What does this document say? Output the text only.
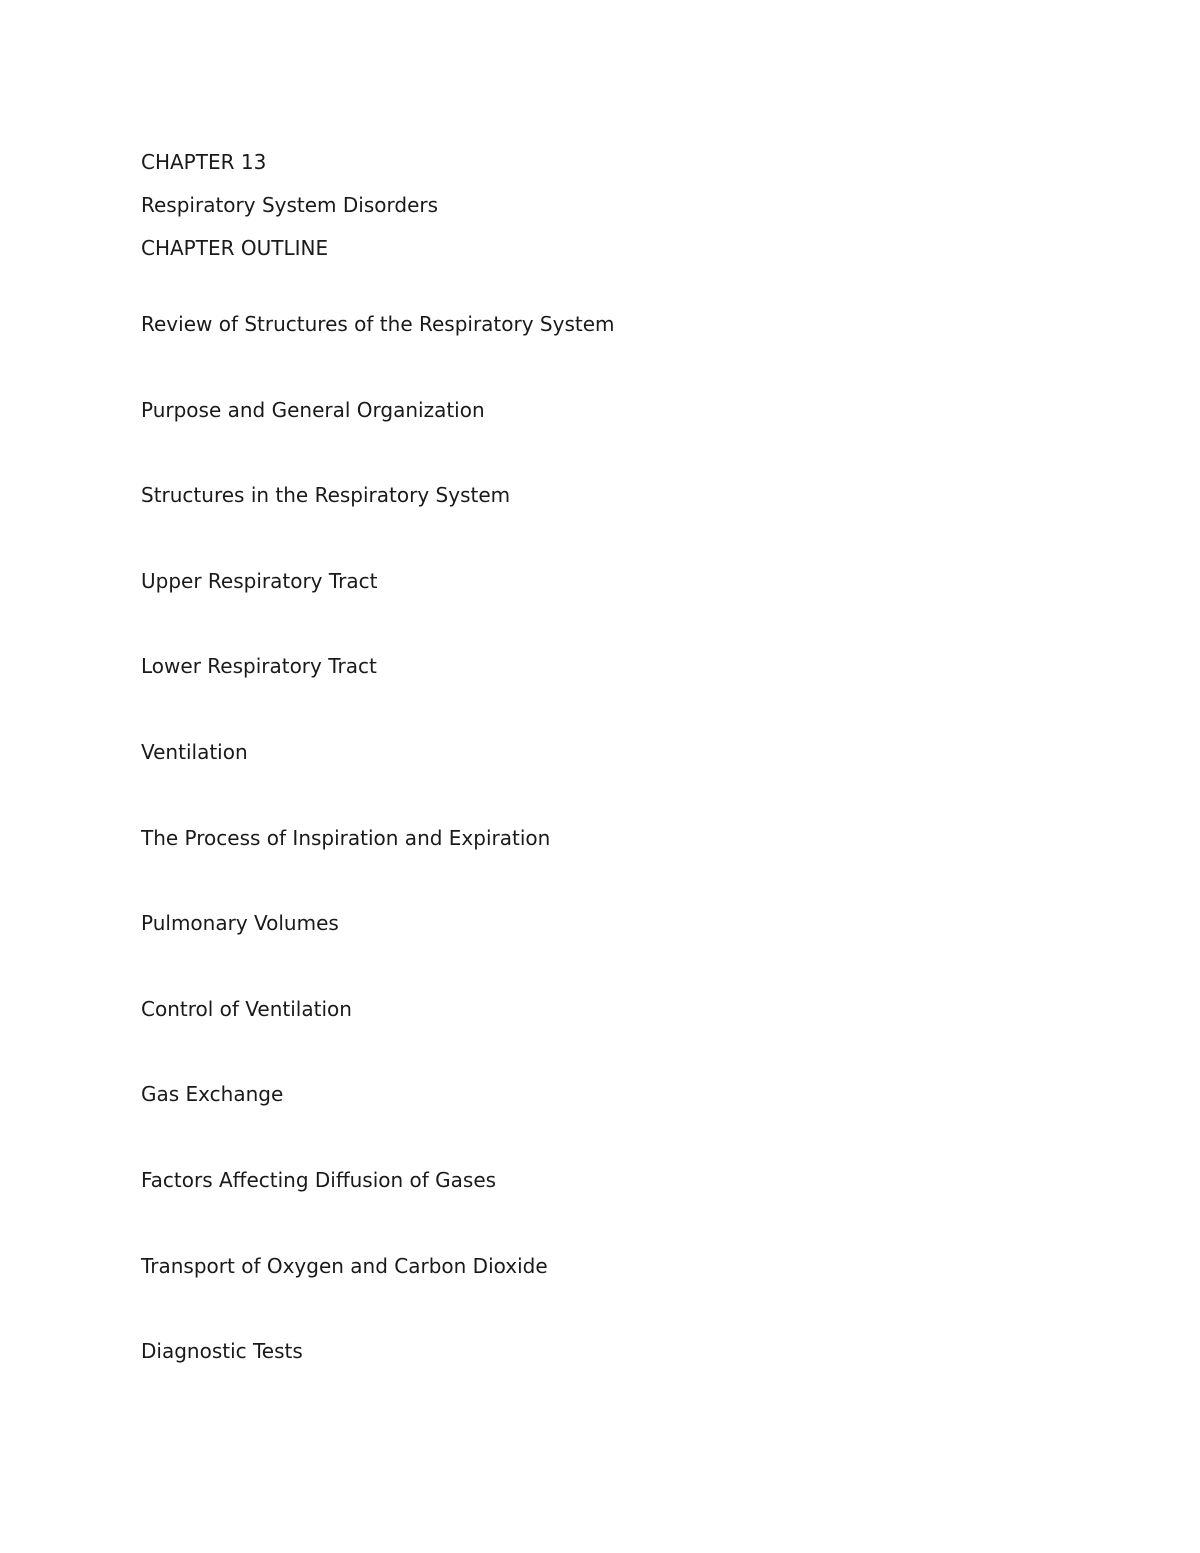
CHAPTER 13
Respiratory System Disorders
CHAPTER OUTLINE
Review of Structures of the Respiratory System
Purpose and General Organization
Structures in the Respiratory System
Upper Respiratory Tract
Lower Respiratory Tract
Ventilation
The Process of Inspiration and Expiration
Pulmonary Volumes
Control of Ventilation
Gas Exchange
Factors Affecting Diffusion of Gases
Transport of Oxygen and Carbon Dioxide
Diagnostic Tests
